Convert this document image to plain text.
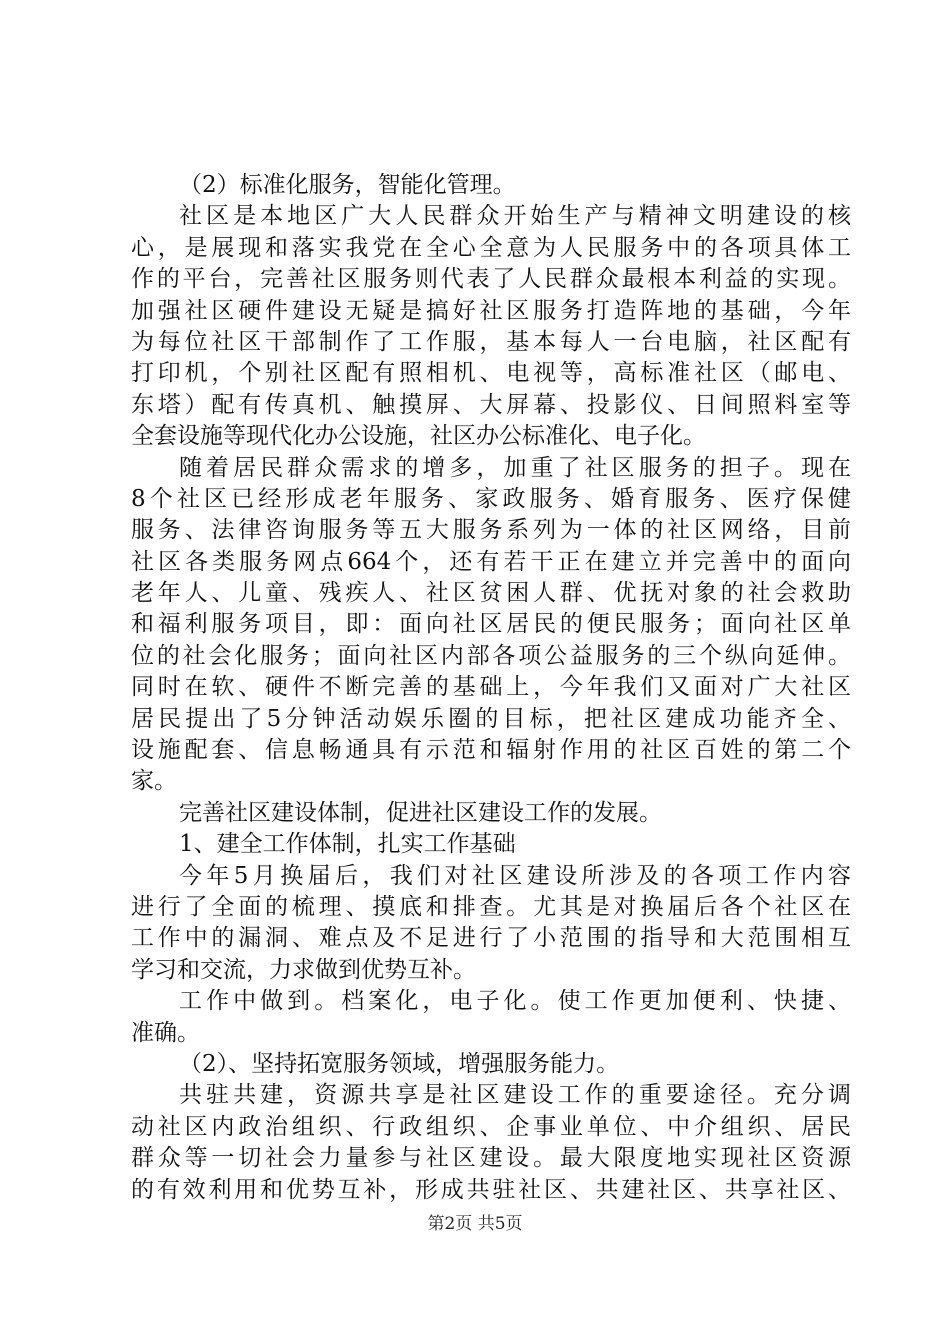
（2）标准化服务，智能化管理。
社区是本地区广大人民群众开始生产与精神文明建设的核
心，是展现和落实我党在全心全意为人民服务中的各项具体工
作的平台，完善社区服务则代表了人民群众最根本利益的实现。
加强社区硬件建设无疑是搞好社区服务打造阵地的基础，今年
为每位社区干部制作了工作服，基本每人一台电脑，社区配有
打印机，个别社区配有照相机、电视等，高标准社区（邮电、
东塔）配有传真机、触摸屏、大屏幕、投影仪、日间照料室等
全套设施等现代化办公设施，社区办公标准化、电子化。
随着居民群众需求的增多，加重了社区服务的担子。现在
8个社区已经形成老年服务、家政服务、婚育服务、医疗保健
服务、法律咨询服务等五大服务系列为一体的社区网络，目前
社区各类服务网点664个，还有若干正在建立并完善中的面向
老年人、儿童、残疾人、社区贫困人群、优抚对象的社会救助
和福利服务项目，即：面向社区居民的便民服务；面向社区单
位的社会化服务；面向社区内部各项公益服务的三个纵向延伸。
同时在软、硬件不断完善的基础上，今年我们又面对广大社区
居民提出了5分钟活动娱乐圈的目标，把社区建成功能齐全、
设施配套、信息畅通具有示范和辐射作用的社区百姓的第二个
家。
完善社区建设体制，促进社区建设工作的发展。
1、建全工作体制，扎实工作基础
今年5月换届后，我们对社区建设所涉及的各项工作内容
进行了全面的梳理、摸底和排查。尤其是对换届后各个社区在
工作中的漏洞、难点及不足进行了小范围的指导和大范围相互
学习和交流，力求做到优势互补。
工作中做到。档案化，电子化。使工作更加便利、快捷、
准确。
（2）、坚持拓宽服务领域，增强服务能力。
共驻共建，资源共享是社区建设工作的重要途径。充分调
动社区内政治组织、行政组织、企事业单位、中介组织、居民
群众等一切社会力量参与社区建设。最大限度地实现社区资源
的有效利用和优势互补，形成共驻社区、共建社区、共享社区、
第2页 共5页
